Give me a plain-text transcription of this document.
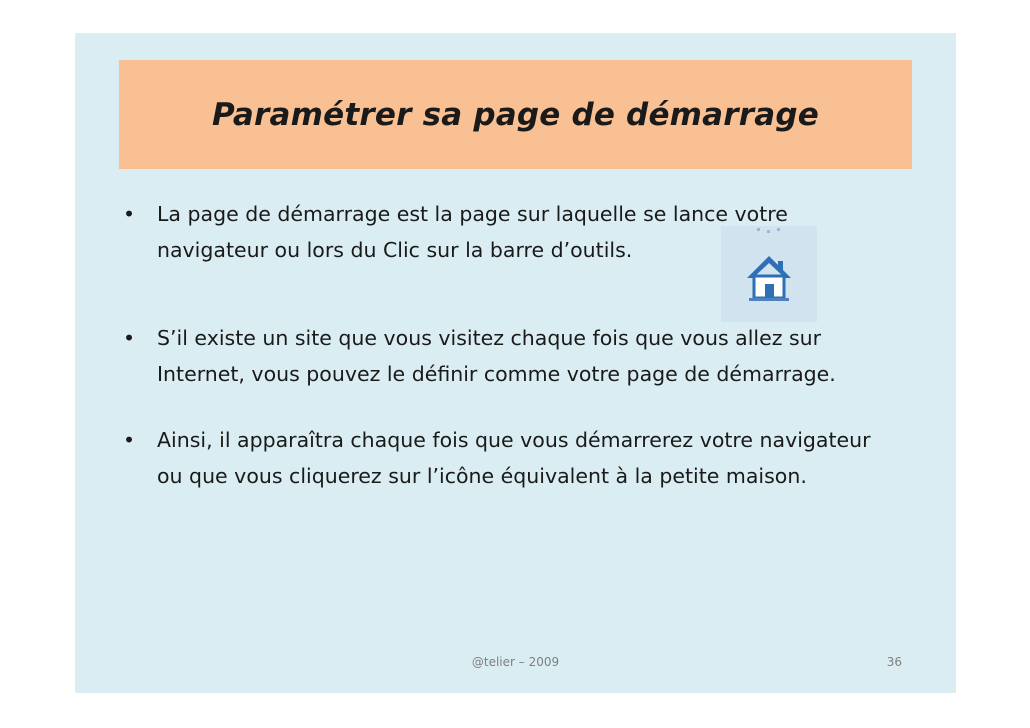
Paramétrer sa page de démarrage
• La page de démarrage est la page sur laquelle se lance votre navigateur ou lors du Clic sur la barre d’outils.
• S’il existe un site que vous visitez chaque fois que vous allez sur Internet, vous pouvez le définir comme votre page de démarrage.
• Ainsi, il apparaîtra chaque fois que vous démarrerez votre navigateur ou que vous cliquerez sur l’icône équivalent à la petite maison.
@telier – 2009	36
